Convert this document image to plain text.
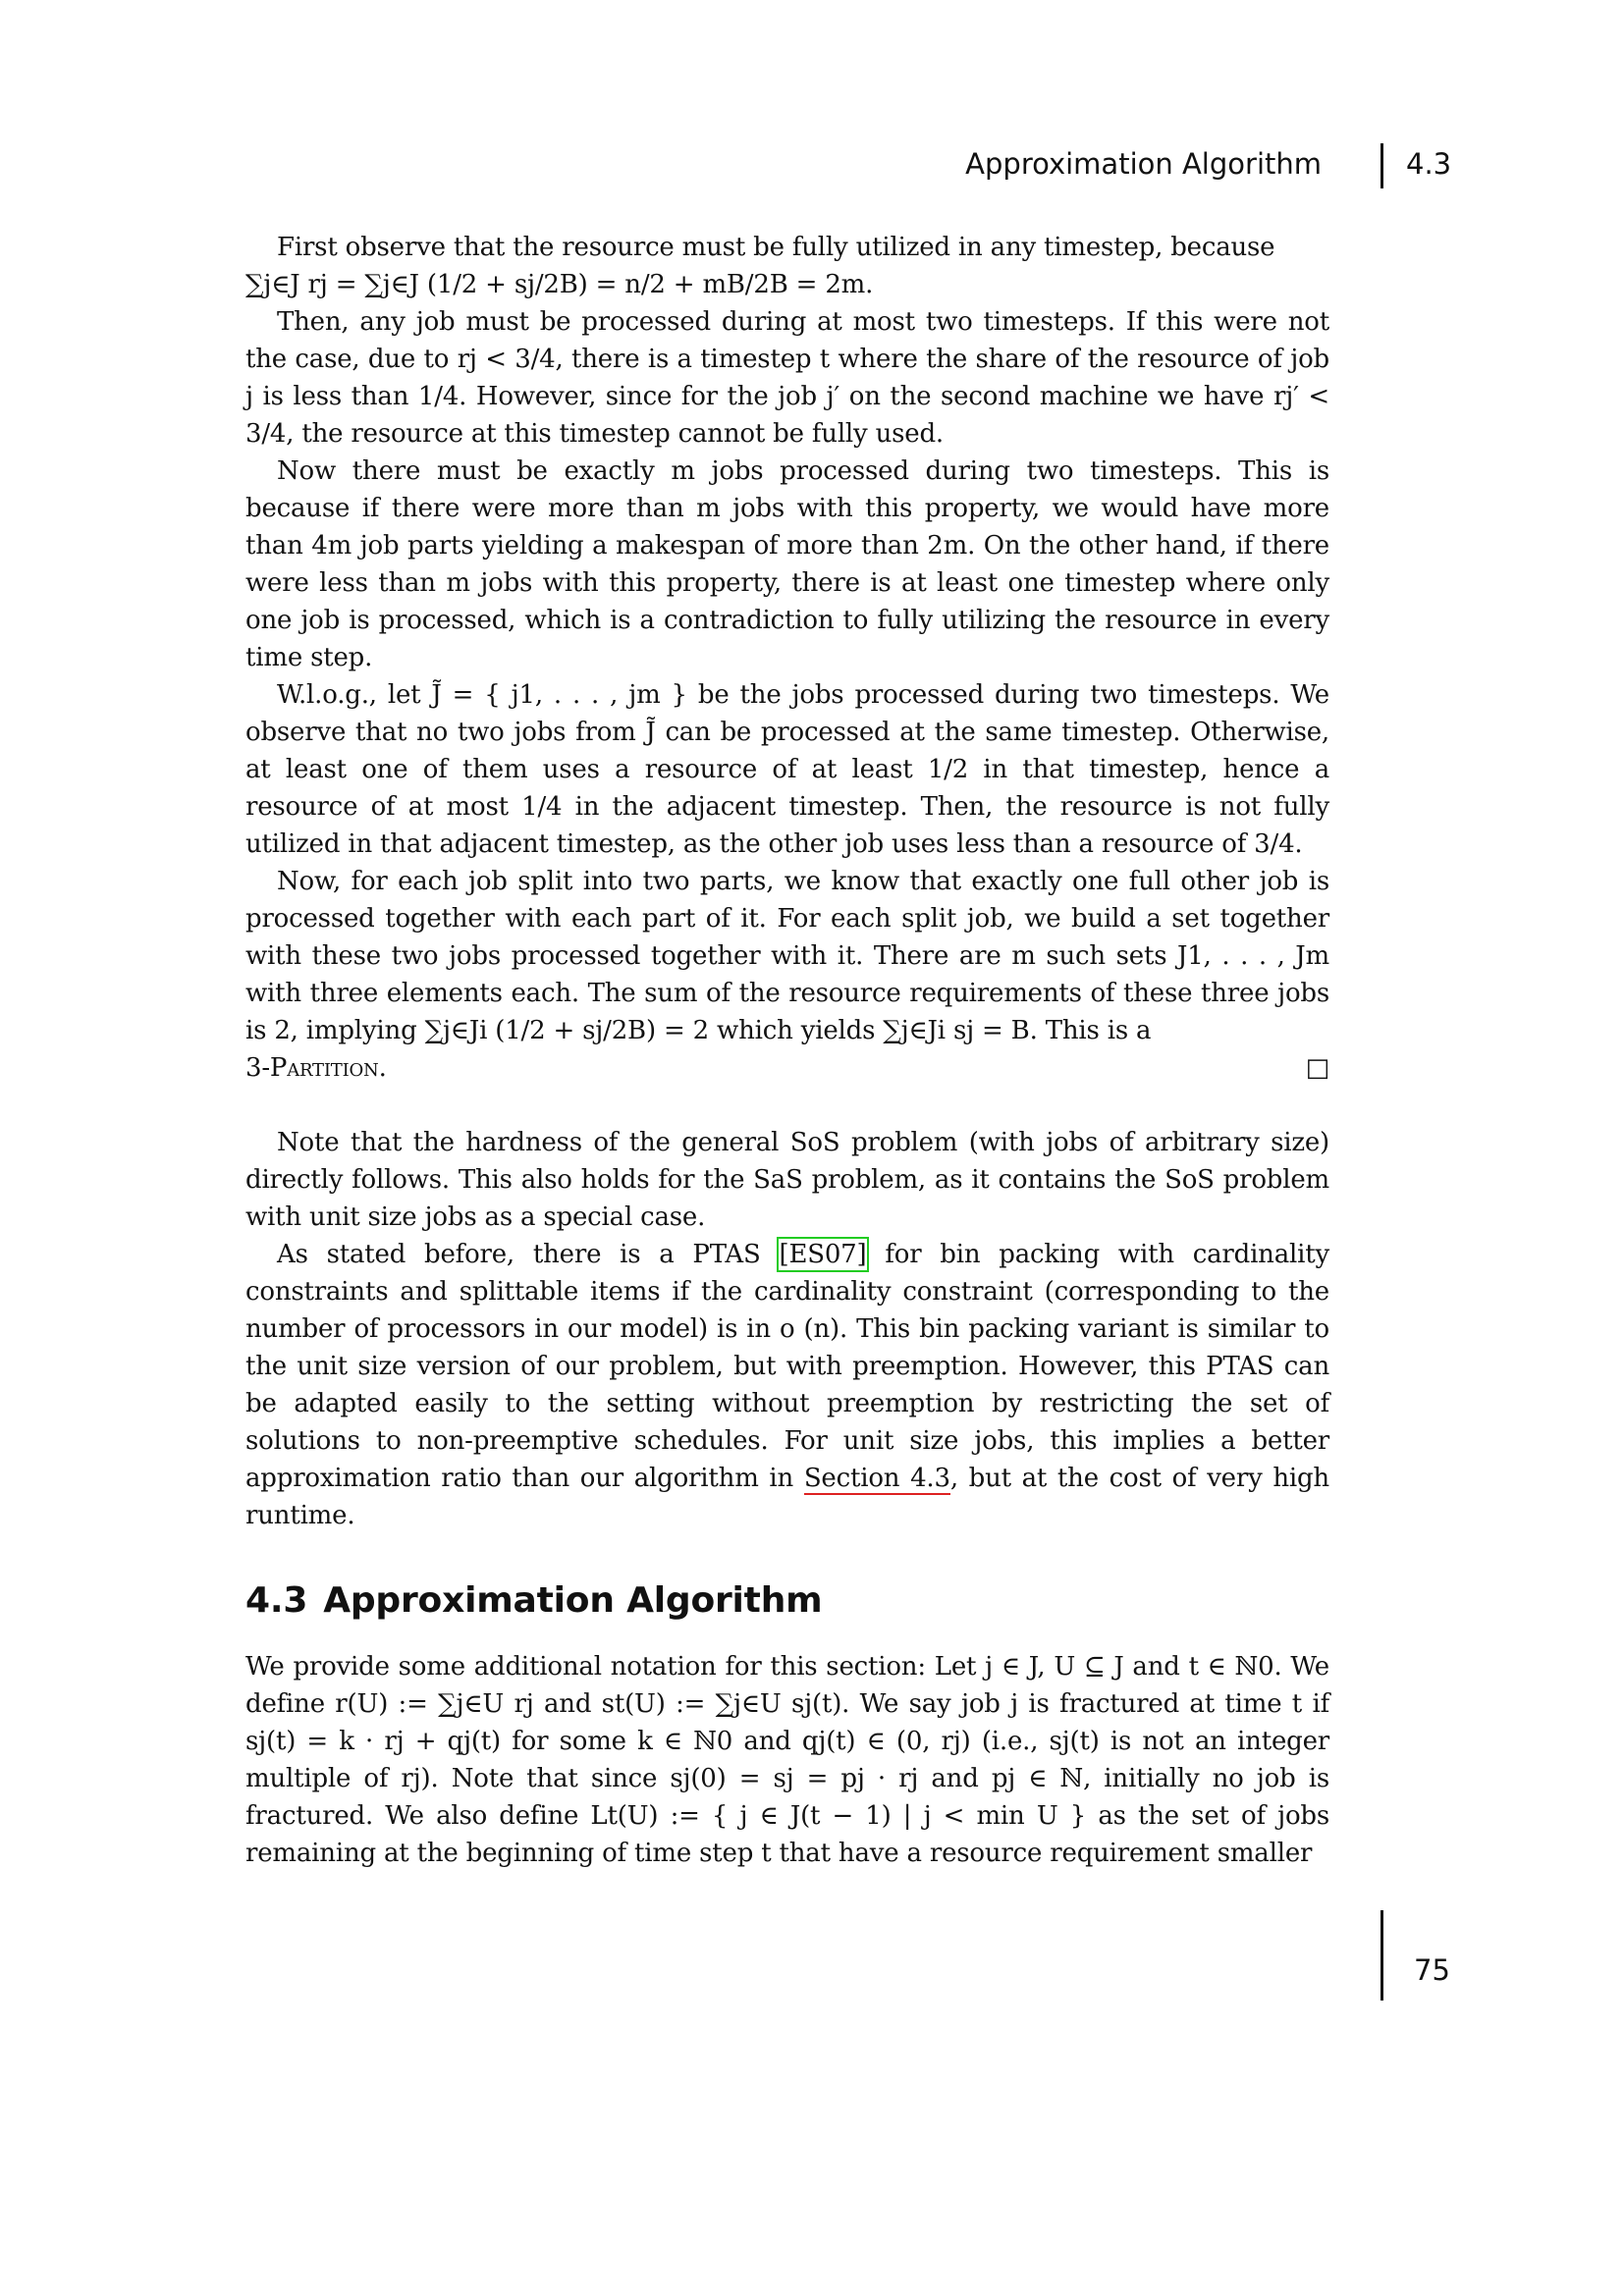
Approximation Algorithm	4.3

First observe that the resource must be fully utilized in any timestep, because
∑j∈J rj = ∑j∈J (1/2 + sj/2B) = n/2 + mB/2B = 2m.

Then, any job must be processed during at most two timesteps. If this were not the case, due to rj < 3/4, there is a timestep t where the share of the resource of job j is less than 1/4. However, since for the job j′ on the second machine we have rj′ < 3/4, the resource at this timestep cannot be fully used.

Now there must be exactly m jobs processed during two timesteps. This is because if there were more than m jobs with this property, we would have more than 4m job parts yielding a makespan of more than 2m. On the other hand, if there were less than m jobs with this property, there is at least one timestep where only one job is processed, which is a contradiction to fully utilizing the resource in every time step.

W.l.o.g., let J̃ = { j1, . . . , jm } be the jobs processed during two timesteps. We observe that no two jobs from J̃ can be processed at the same timestep. Otherwise, at least one of them uses a resource of at least 1/2 in that timestep, hence a resource of at most 1/4 in the adjacent timestep. Then, the resource is not fully utilized in that adjacent timestep, as the other job uses less than a resource of 3/4.

Now, for each job split into two parts, we know that exactly one full other job is processed together with each part of it. For each split job, we build a set together with these two jobs processed together with it. There are m such sets J1, . . . , Jm with three elements each. The sum of the resource requirements of these three jobs is 2, implying ∑j∈Ji (1/2 + sj/2B) = 2 which yields ∑j∈Ji sj = B. This is a

3-Partition.	□

Note that the hardness of the general SoS problem (with jobs of arbitrary size) directly follows. This also holds for the SaS problem, as it contains the SoS problem with unit size jobs as a special case.

As stated before, there is a PTAS [ES07] for bin packing with cardinality constraints and splittable items if the cardinality constraint (corresponding to the number of processors in our model) is in o (n). This bin packing variant is similar to the unit size version of our problem, but with preemption. However, this PTAS can be adapted easily to the setting without preemption by restricting the set of solutions to non-preemptive schedules. For unit size jobs, this implies a better approximation ratio than our algorithm in Section 4.3, but at the cost of very high runtime.

4.3 Approximation Algorithm

We provide some additional notation for this section: Let j ∈ J, U ⊆ J and t ∈ ℕ0. We define r(U) := ∑j∈U rj and st(U) := ∑j∈U sj(t). We say job j is fractured at time t if sj(t) = k · rj + qj(t) for some k ∈ ℕ0 and qj(t) ∈ (0, rj) (i.e., sj(t) is not an integer multiple of rj). Note that since sj(0) = sj = pj · rj and pj ∈ ℕ, initially no job is fractured. We also define Lt(U) := { j ∈ J(t − 1) | j < min U } as the set of jobs remaining at the beginning of time step t that have a resource requirement smaller

75
